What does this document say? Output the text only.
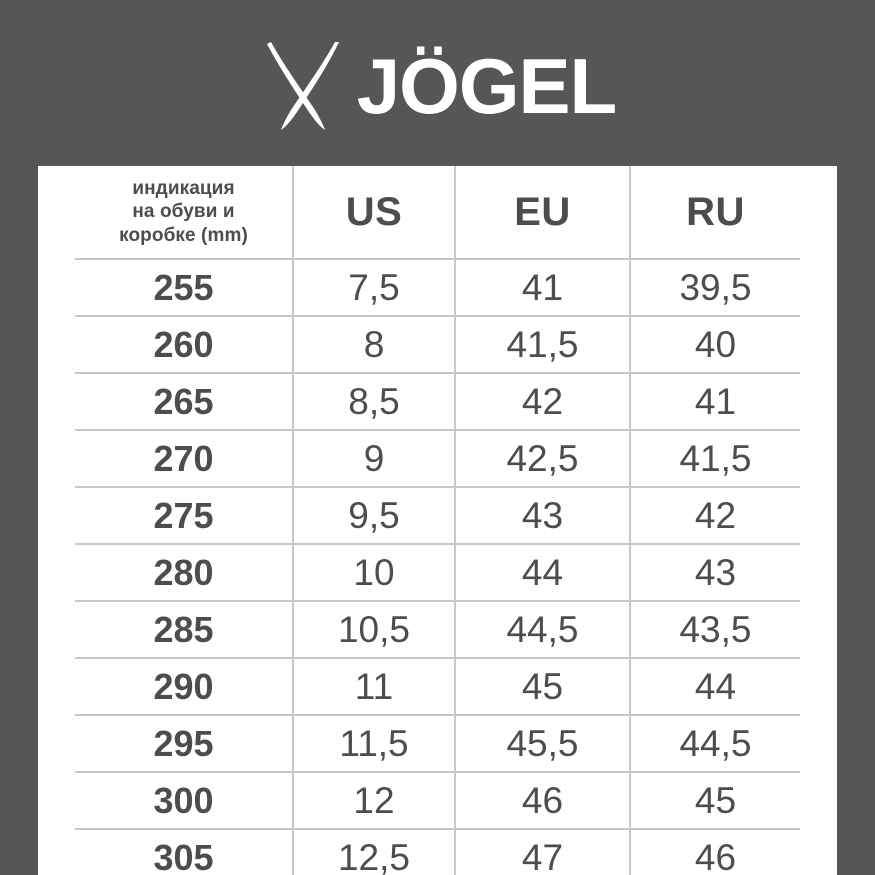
JÖGEL
индикация
на обуви и
коробке (mm)	US	EU	RU
255	7,5	41	39,5
260	8	41,5	40
265	8,5	42	41
270	9	42,5	41,5
275	9,5	43	42
280	10	44	43
285	10,5	44,5	43,5
290	11	45	44
295	11,5	45,5	44,5
300	12	46	45
305	12,5	47	46
